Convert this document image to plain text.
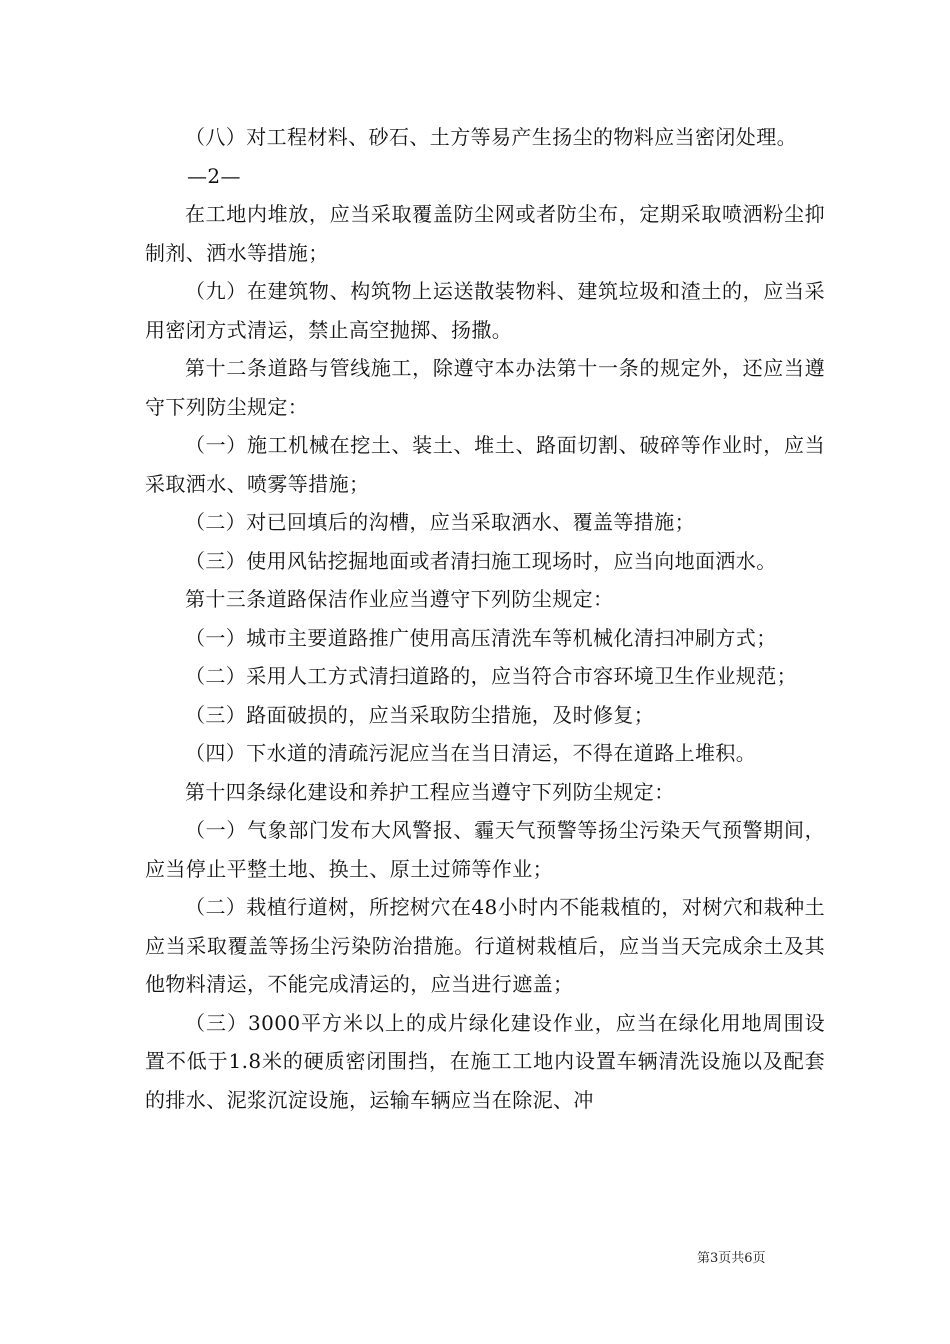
（八）对工程材料、砂石、土方等易产生扬尘的物料应当密闭处理。

—2—

在工地内堆放，应当采取覆盖防尘网或者防尘布，定期采取喷洒粉尘抑制剂、洒水等措施；

（九）在建筑物、构筑物上运送散装物料、建筑垃圾和渣土的，应当采用密闭方式清运，禁止高空抛掷、扬撒。

第十二条道路与管线施工，除遵守本办法第十一条的规定外，还应当遵守下列防尘规定：

（一）施工机械在挖土、装土、堆土、路面切割、破碎等作业时，应当采取洒水、喷雾等措施；

（二）对已回填后的沟槽，应当采取洒水、覆盖等措施；

（三）使用风钻挖掘地面或者清扫施工现场时，应当向地面洒水。

第十三条道路保洁作业应当遵守下列防尘规定：

（一）城市主要道路推广使用高压清洗车等机械化清扫冲刷方式；

（二）采用人工方式清扫道路的，应当符合市容环境卫生作业规范；

（三）路面破损的，应当采取防尘措施，及时修复；

（四）下水道的清疏污泥应当在当日清运，不得在道路上堆积。

第十四条绿化建设和养护工程应当遵守下列防尘规定：

（一）气象部门发布大风警报、霾天气预警等扬尘污染天气预警期间，应当停止平整土地、换土、原土过筛等作业；

（二）栽植行道树，所挖树穴在48小时内不能栽植的，对树穴和栽种土应当采取覆盖等扬尘污染防治措施。行道树栽植后，应当当天完成余土及其他物料清运，不能完成清运的，应当进行遮盖；

（三）3000平方米以上的成片绿化建设作业，应当在绿化用地周围设置不低于1.8米的硬质密闭围挡，在施工工地内设置车辆清洗设施以及配套的排水、泥浆沉淀设施，运输车辆应当在除泥、冲

第3页共6页
